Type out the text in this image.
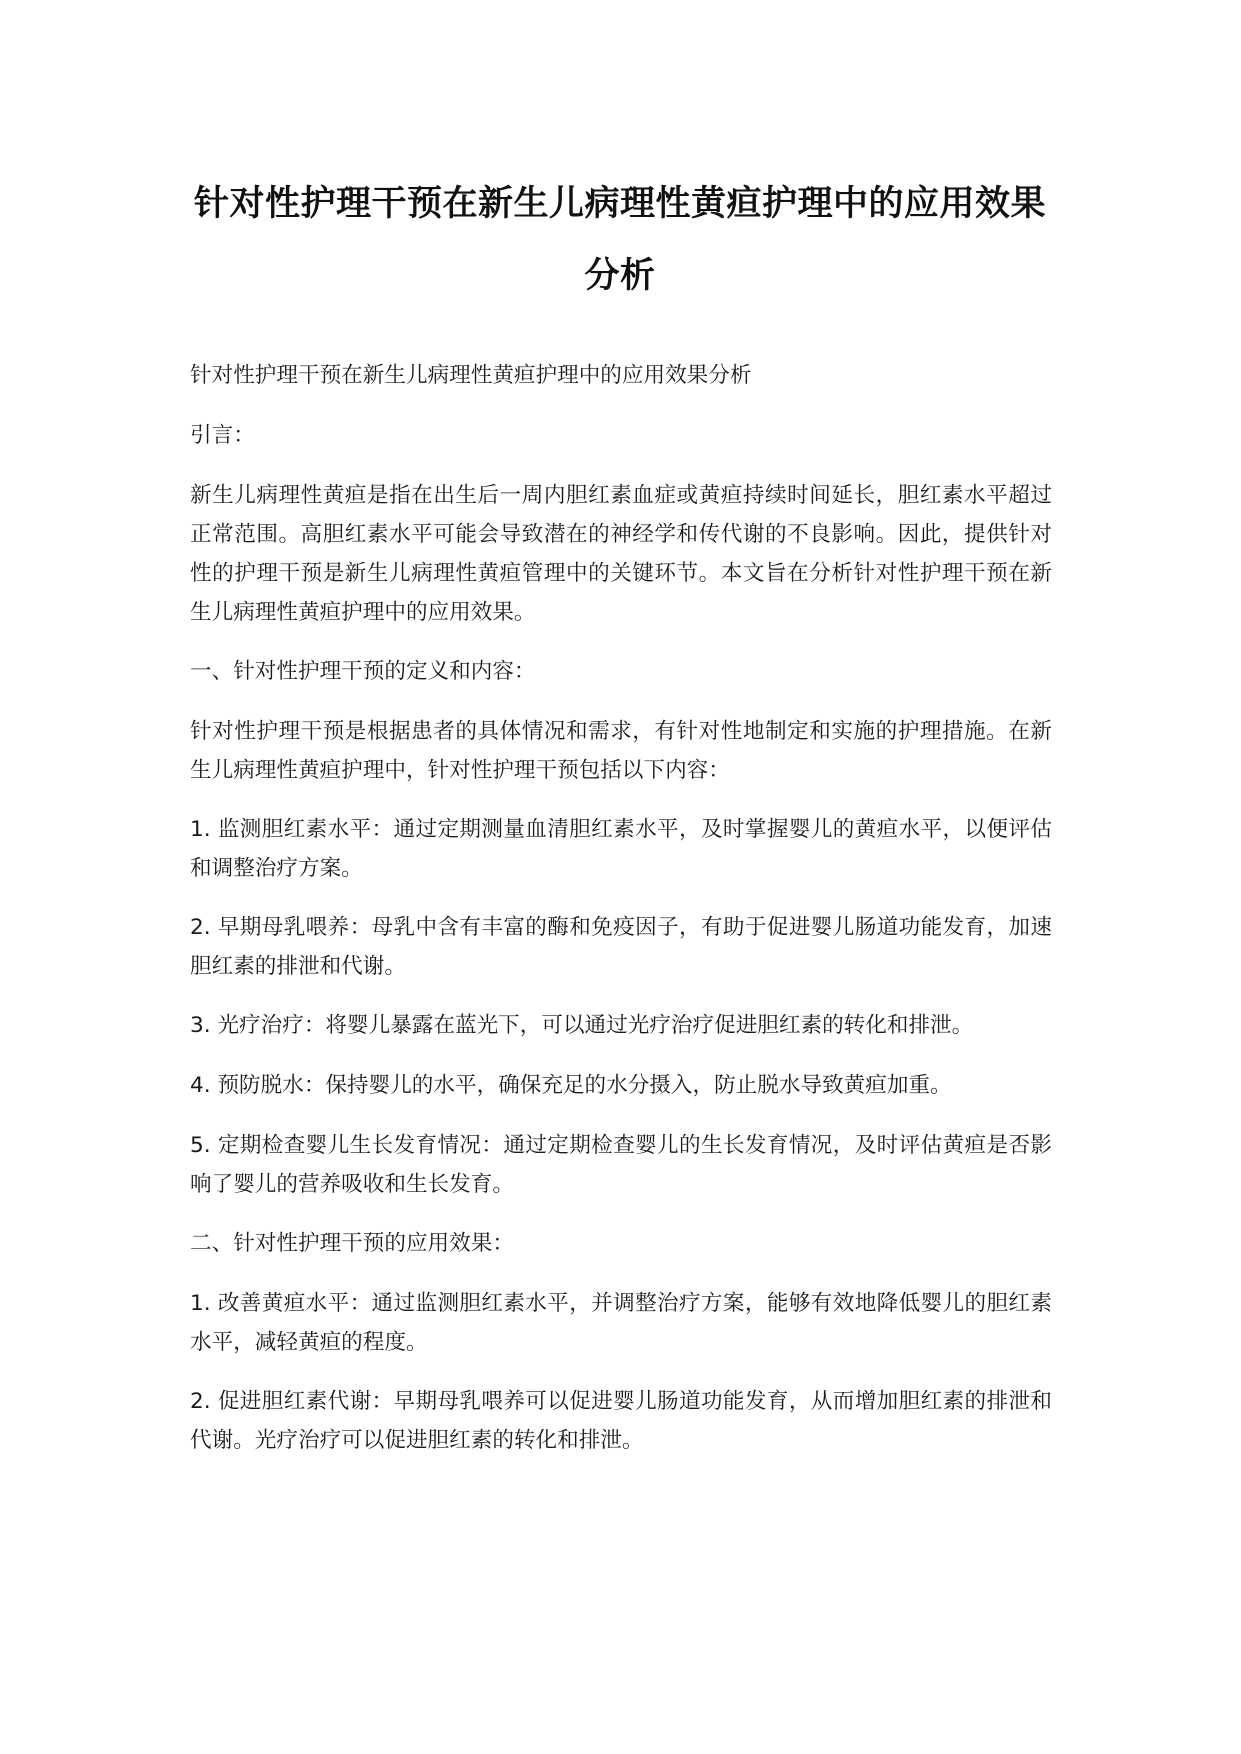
针对性护理干预在新生儿病理性黄疸护理中的应用效果分析

针对性护理干预在新生儿病理性黄疸护理中的应用效果分析

引言：

新生儿病理性黄疸是指在出生后一周内胆红素血症或黄疸持续时间延长，胆红素水平超过正常范围。高胆红素水平可能会导致潜在的神经学和传代谢的不良影响。因此，提供针对性的护理干预是新生儿病理性黄疸管理中的关键环节。本文旨在分析针对性护理干预在新生儿病理性黄疸护理中的应用效果。

一、针对性护理干预的定义和内容：

针对性护理干预是根据患者的具体情况和需求，有针对性地制定和实施的护理措施。在新生儿病理性黄疸护理中，针对性护理干预包括以下内容：

1. 监测胆红素水平：通过定期测量血清胆红素水平，及时掌握婴儿的黄疸水平，以便评估和调整治疗方案。

2. 早期母乳喂养：母乳中含有丰富的酶和免疫因子，有助于促进婴儿肠道功能发育，加速胆红素的排泄和代谢。

3. 光疗治疗：将婴儿暴露在蓝光下，可以通过光疗治疗促进胆红素的转化和排泄。

4. 预防脱水：保持婴儿的水平，确保充足的水分摄入，防止脱水导致黄疸加重。

5. 定期检查婴儿生长发育情况：通过定期检查婴儿的生长发育情况，及时评估黄疸是否影响了婴儿的营养吸收和生长发育。

二、针对性护理干预的应用效果：

1. 改善黄疸水平：通过监测胆红素水平，并调整治疗方案，能够有效地降低婴儿的胆红素水平，减轻黄疸的程度。

2. 促进胆红素代谢：早期母乳喂养可以促进婴儿肠道功能发育，从而增加胆红素的排泄和代谢。光疗治疗可以促进胆红素的转化和排泄。
